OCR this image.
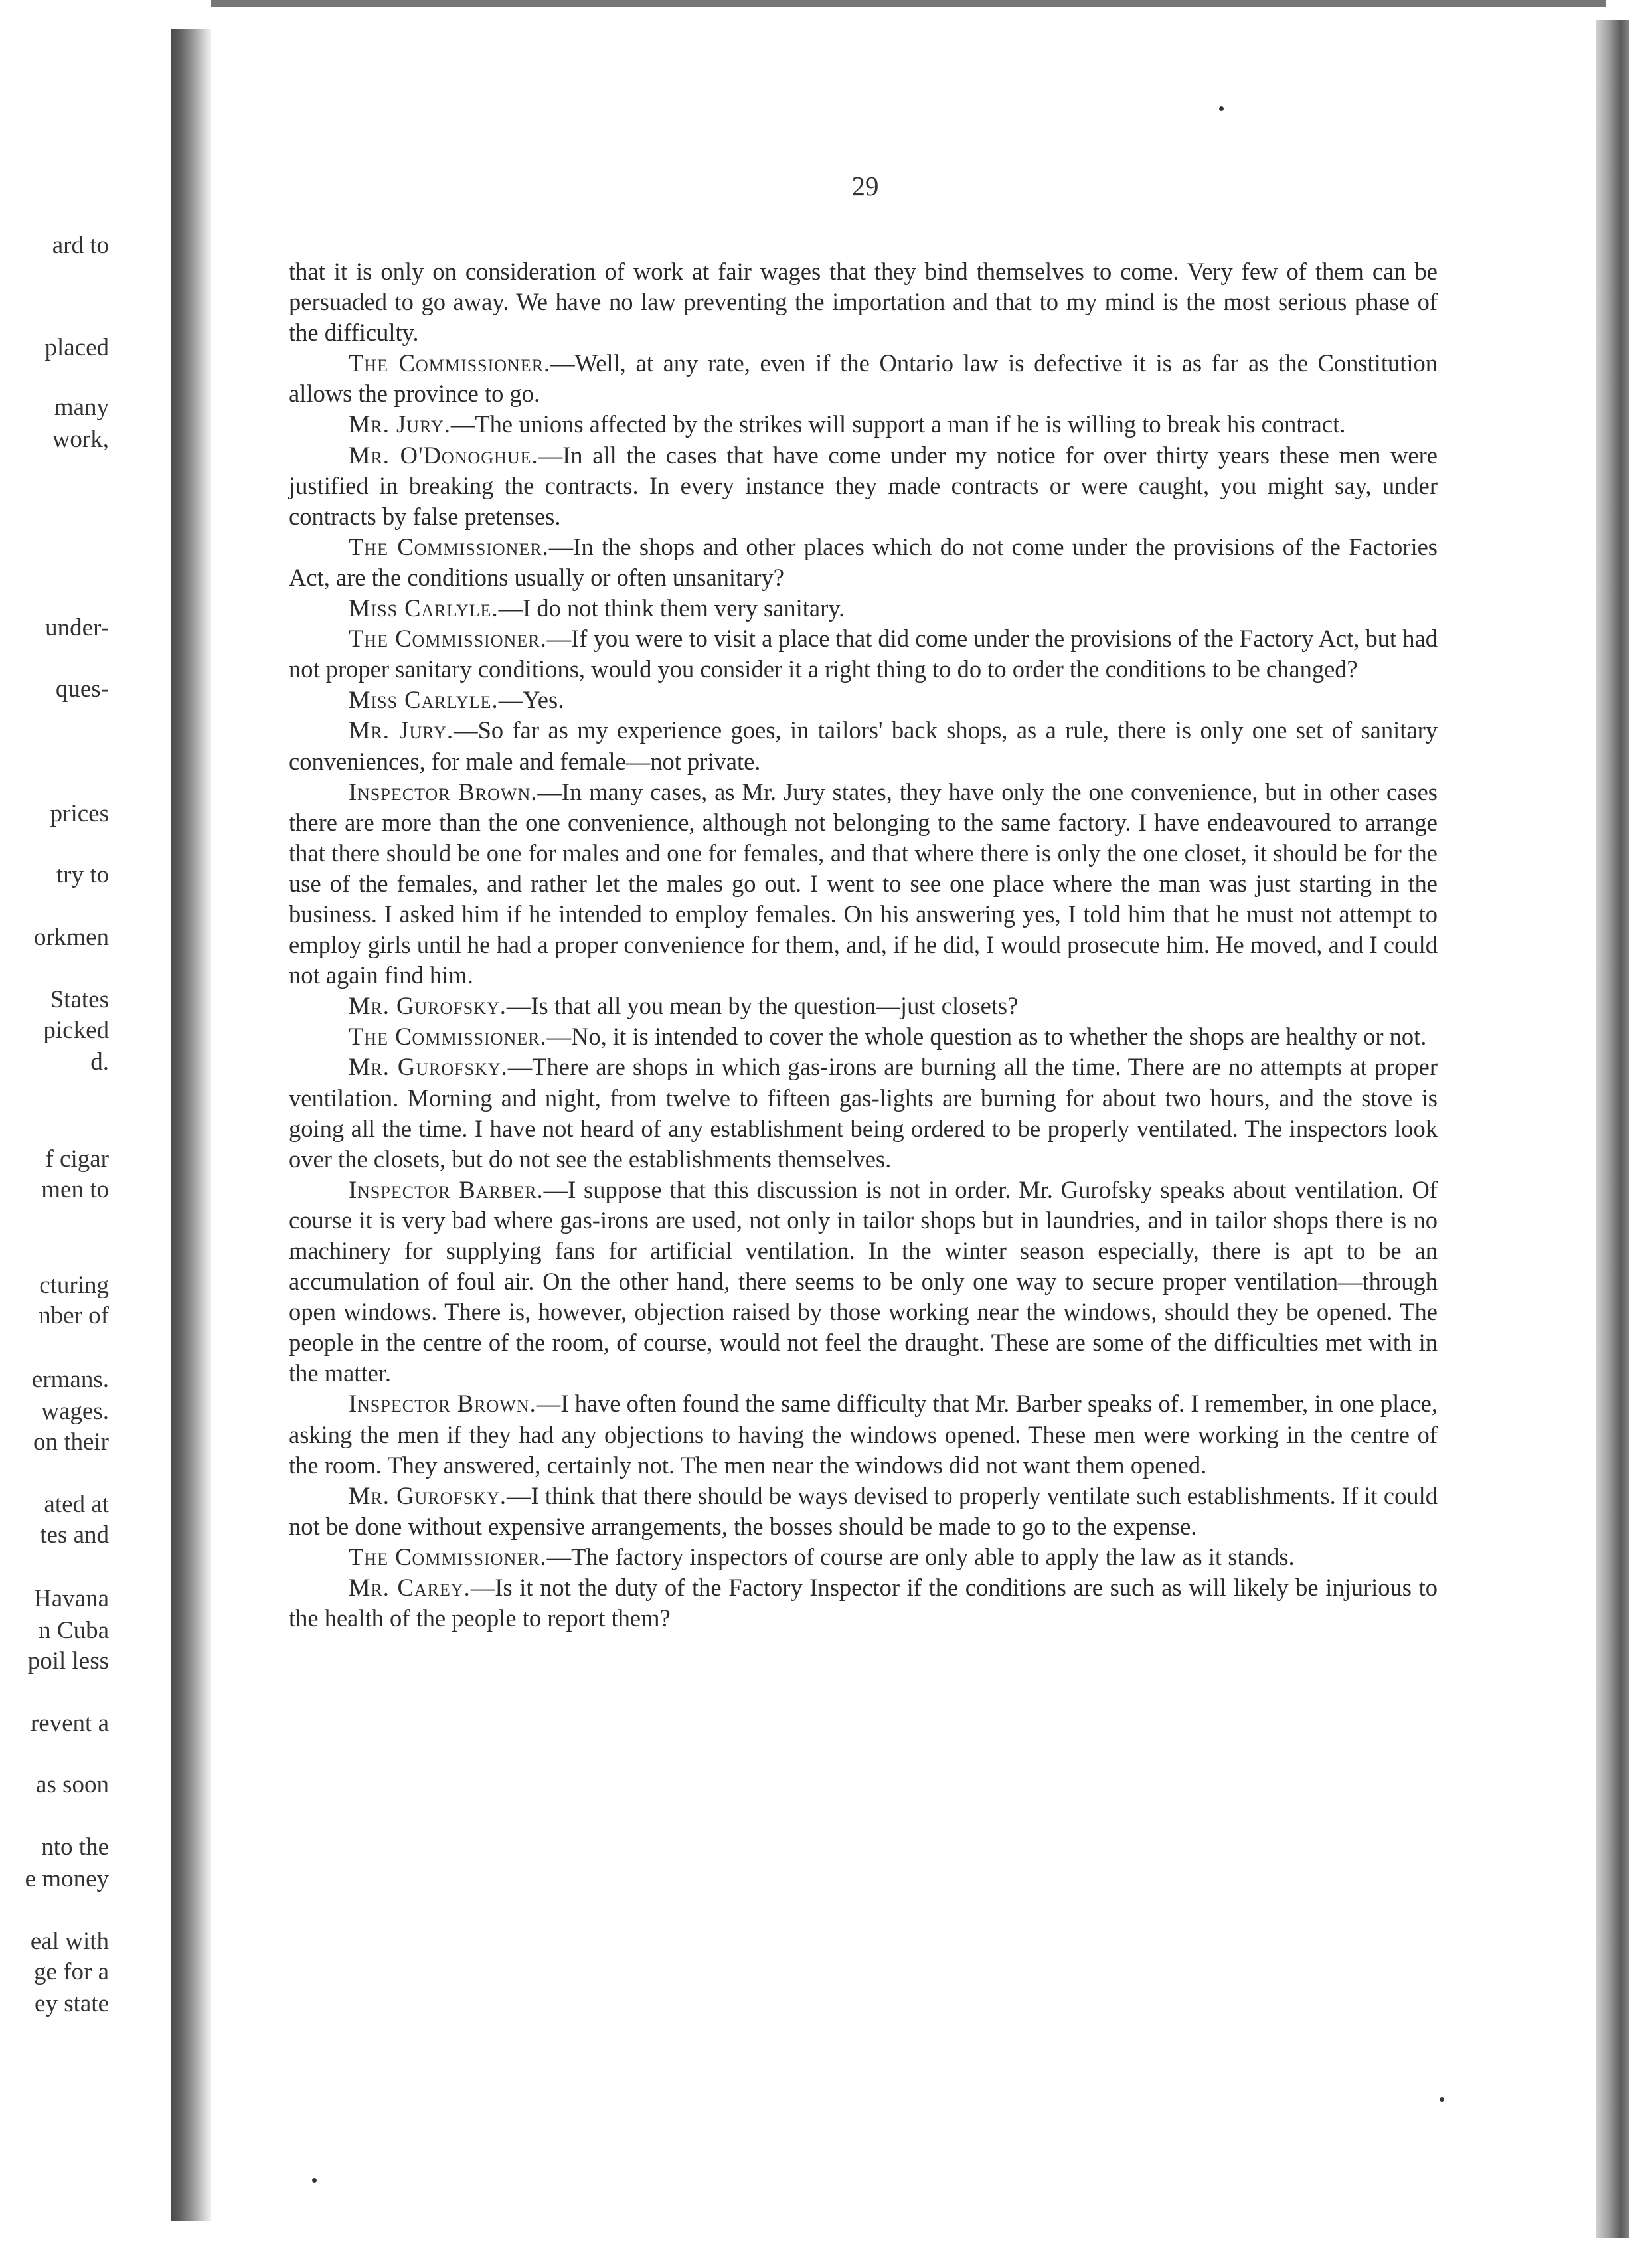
ard to
placed
many
work,
under-
ques-
prices
try to
orkmen
States
picked
d.
f cigar
men to
cturing
nber of
ermans.
wages.
on their
ated at
tes and
Havana
n Cuba
poil less
revent a
as soon
nto the
e money
eal with
ge for a
ey state
29

that it is only on consideration of work at fair wages that they bind themselves to come. Very few of them can be persuaded to go away. We have no law preventing the importation and that to my mind is the most serious phase of the difficulty.

The Commissioner.—Well, at any rate, even if the Ontario law is defective it is as far as the Constitution allows the province to go.

Mr. Jury.—The unions affected by the strikes will support a man if he is willing to break his contract.

Mr. O'Donoghue.—In all the cases that have come under my notice for over thirty years these men were justified in breaking the contracts. In every instance they made contracts or were caught, you might say, under contracts by false pretenses.

The Commissioner.—In the shops and other places which do not come under the provisions of the Factories Act, are the conditions usually or often unsanitary?

Miss Carlyle.—I do not think them very sanitary.

The Commissioner.—If you were to visit a place that did come under the provisions of the Factory Act, but had not proper sanitary conditions, would you consider it a right thing to do to order the conditions to be changed?

Miss Carlyle.—Yes.

Mr. Jury.—So far as my experience goes, in tailors' back shops, as a rule, there is only one set of sanitary conveniences, for male and female—not private.

Inspector Brown.—In many cases, as Mr. Jury states, they have only the one convenience, but in other cases there are more than the one convenience, although not belonging to the same factory. I have endeavoured to arrange that there should be one for males and one for females, and that where there is only the one closet, it should be for the use of the females, and rather let the males go out. I went to see one place where the man was just starting in the business. I asked him if he intended to employ females. On his answering yes, I told him that he must not attempt to employ girls until he had a proper convenience for them, and, if he did, I would prosecute him. He moved, and I could not again find him.

Mr. Gurofsky.—Is that all you mean by the question—just closets?

The Commissioner.—No, it is intended to cover the whole question as to whether the shops are healthy or not.

Mr. Gurofsky.—There are shops in which gas-irons are burning all the time. There are no attempts at proper ventilation. Morning and night, from twelve to fifteen gas-lights are burning for about two hours, and the stove is going all the time. I have not heard of any establishment being ordered to be properly ventilated. The inspectors look over the closets, but do not see the establishments themselves.

Inspector Barber.—I suppose that this discussion is not in order. Mr. Gurofsky speaks about ventilation. Of course it is very bad where gas-irons are used, not only in tailor shops but in laundries, and in tailor shops there is no machinery for supplying fans for artificial ventilation. In the winter season especially, there is apt to be an accumulation of foul air. On the other hand, there seems to be only one way to secure proper ventilation—through open windows. There is, however, objection raised by those working near the windows, should they be opened. The people in the centre of the room, of course, would not feel the draught. These are some of the difficulties met with in the matter.

Inspector Brown.—I have often found the same difficulty that Mr. Barber speaks of. I remember, in one place, asking the men if they had any objections to having the windows opened. These men were working in the centre of the room. They answered, certainly not. The men near the windows did not want them opened.

Mr. Gurofsky.—I think that there should be ways devised to properly ventilate such establishments. If it could not be done without expensive arrangements, the bosses should be made to go to the expense.

The Commissioner.—The factory inspectors of course are only able to apply the law as it stands.

Mr. Carey.—Is it not the duty of the Factory Inspector if the conditions are such as will likely be injurious to the health of the people to report them?
